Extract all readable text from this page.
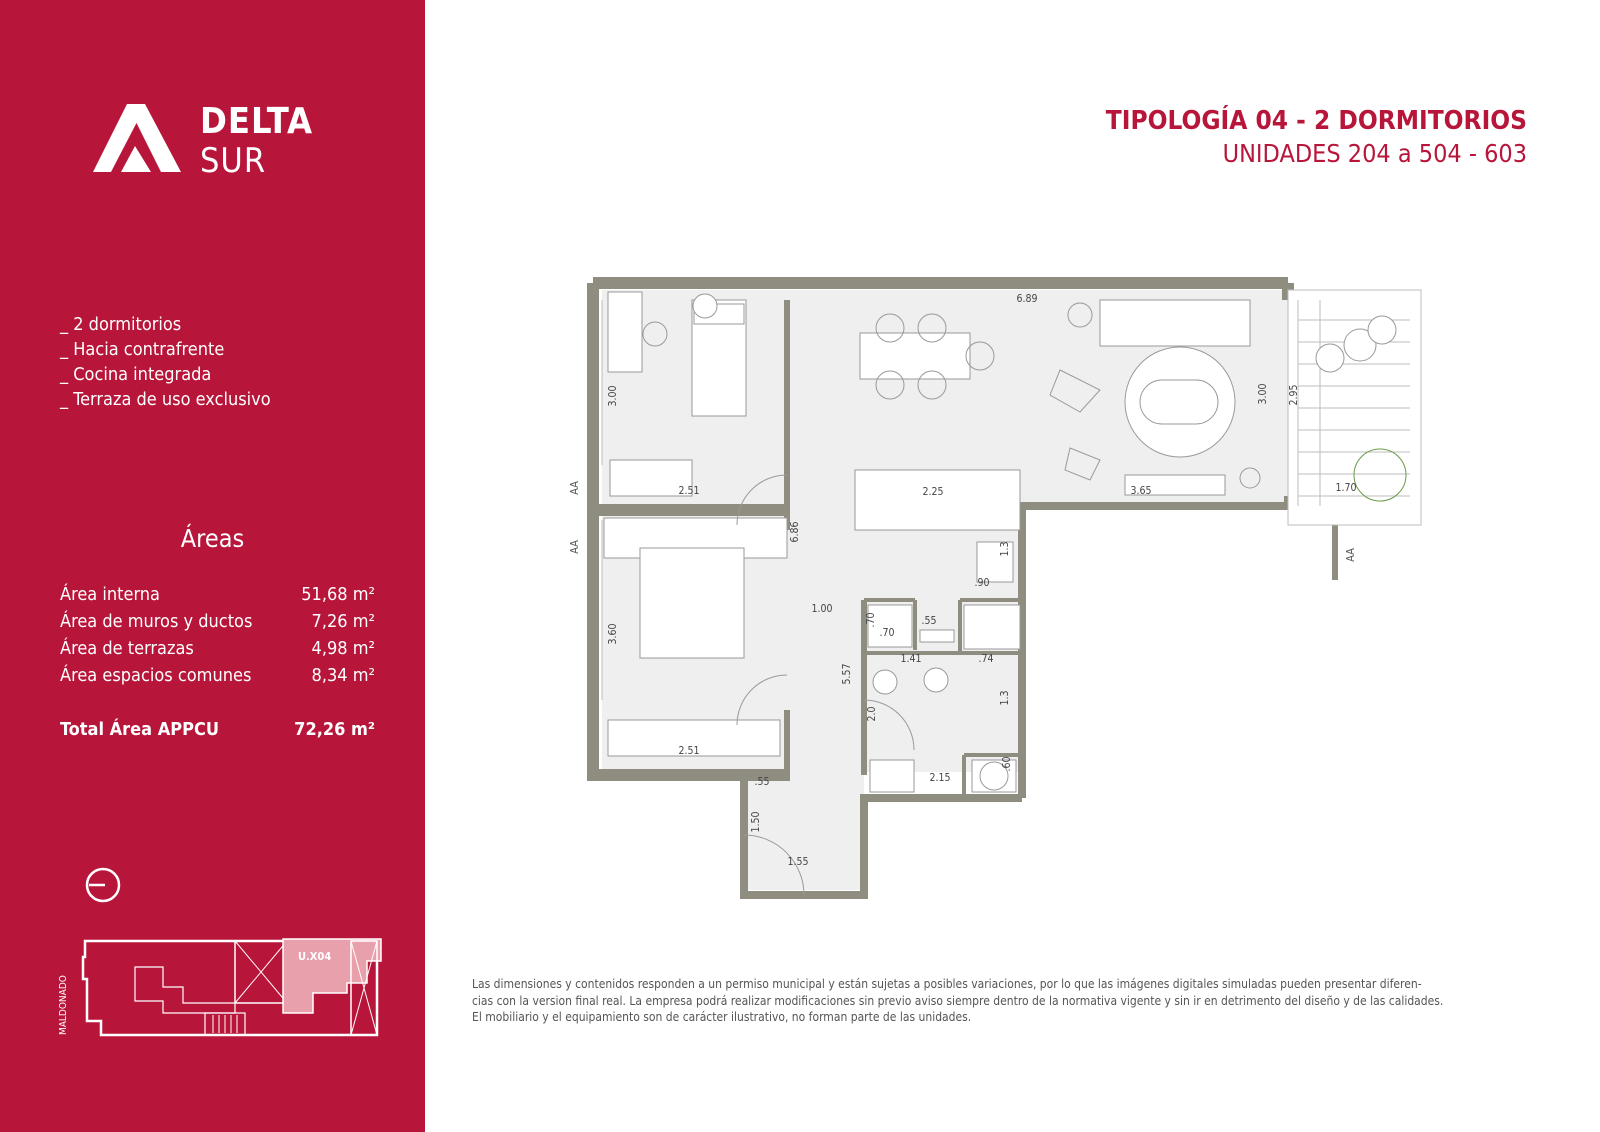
DELTA
SUR
_ 2 dormitorios
_ Hacia contrafrente
_ Cocina integrada
_ Terraza de uso exclusivo
Áreas
Área interna	51,68 m²
Área de muros y ductos	7,26 m²
Área de terrazas	4,98 m²
Área espacios comunes	8,34 m²
Total Área APPCU	72,26 m²
MALDONADO
U.X04
TIPOLOGÍA 04 - 2 DORMITORIOS
UNIDADES 204 a 504 - 603
AA
AA
AA
6.89
3.00
2.51
3.60
2.51
6.86
1.00
5.57
2.25
1.3
.90
3.00
3.65
2.95
1.70
.70
.70
.55
1.41	.74
1.3
2.0
2.15
.60
.55
1.50
1.55
Las dimensiones y contenidos responden a un permiso municipal y están sujetas a posibles variaciones, por lo que las imágenes digitales simuladas pueden presentar diferen-
cias con la version final real. La empresa podrá realizar modificaciones sin previo aviso siempre dentro de la normativa vigente y sin ir en detrimento del diseño y de las calidades.
El mobiliario y el equipamiento son de carácter ilustrativo, no forman parte de las unidades.
